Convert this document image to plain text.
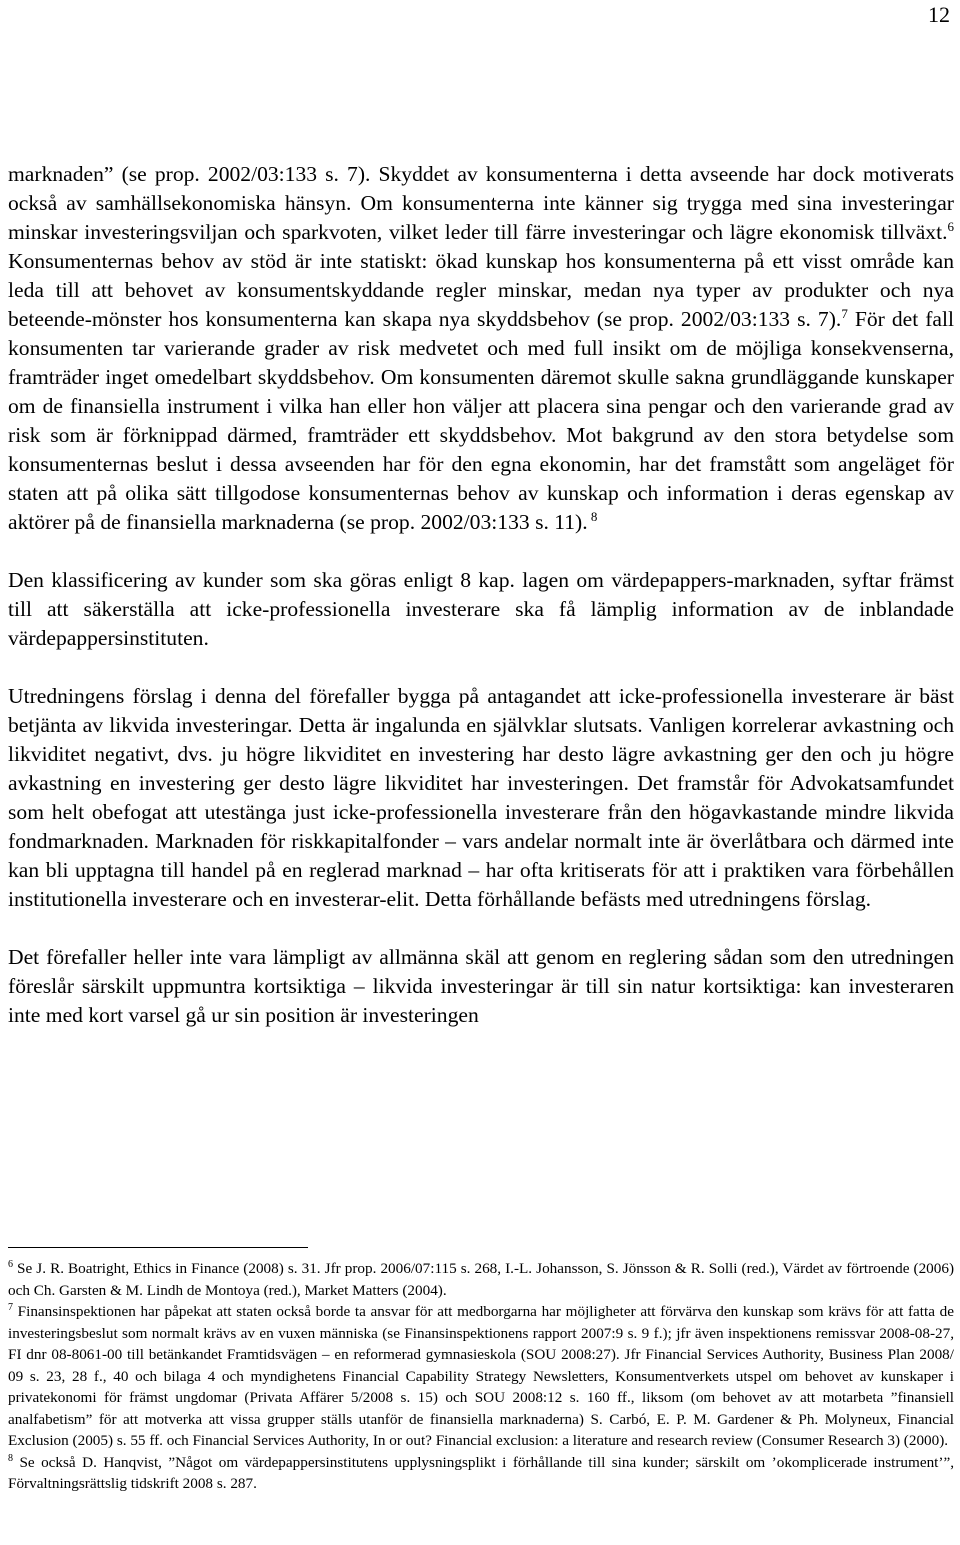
12

marknaden” (se prop. 2002/03:133 s. 7). Skyddet av konsumenterna i detta avseende har dock motiverats också av samhällsekonomiska hänsyn. Om konsumenterna inte känner sig trygga med sina investeringar minskar investeringsviljan och sparkvoten, vilket leder till färre investeringar och lägre ekonomisk tillväxt.$^6$ Konsumenternas behov av stöd är inte statiskt: ökad kunskap hos konsumenterna på ett visst område kan leda till att behovet av konsumentskyddande regler minskar, medan nya typer av produkter och nya beteende-mönster hos konsumenterna kan skapa nya skyddsbehov (se prop. 2002/03:133 s. 7).$^7$ För det fall konsumenten tar varierande grader av risk medvetet och med full insikt om de möjliga konsekvenserna, framträder inget omedelbart skyddsbehov. Om konsumenten däremot skulle sakna grundläggande kunskaper om de finansiella instrument i vilka han eller hon väljer att placera sina pengar och den varierande grad av risk som är förknippad därmed, framträder ett skyddsbehov. Mot bakgrund av den stora betydelse som konsumenternas beslut i dessa avseenden har för den egna ekonomin, har det framstått som angeläget för staten att på olika sätt tillgodose konsumenternas behov av kunskap och information i deras egenskap av aktörer på de finansiella marknaderna (se prop. 2002/03:133 s. 11). $^8$

Den klassificering av kunder som ska göras enligt 8 kap. lagen om värdepappers-marknaden, syftar främst till att säkerställa att icke-professionella investerare ska få lämplig information av de inblandade värdepappersinstituten.

Utredningens förslag i denna del förefaller bygga på antagandet att icke-professionella investerare är bäst betjänta av likvida investeringar. Detta är ingalunda en självklar slutsats. Vanligen korrelerar avkastning och likviditet negativt, dvs. ju högre likviditet en investering har desto lägre avkastning ger den och ju högre avkastning en investering ger desto lägre likviditet har investeringen. Det framstår för Advokatsamfundet som helt obefogat att utestänga just icke-professionella investerare från den högavkastande mindre likvida fondmarknaden. Marknaden för riskkapitalfonder – vars andelar normalt inte är överlåtbara och därmed inte kan bli upptagna till handel på en reglerad marknad – har ofta kritiserats för att i praktiken vara förbehållen institutionella investerare och en investerar-elit. Detta förhållande befästs med utredningens förslag.

Det förefaller heller inte vara lämpligt av allmänna skäl att genom en reglering sådan som den utredningen föreslår särskilt uppmuntra kortsiktiga – likvida investeringar är till sin natur kortsiktiga: kan investeraren inte med kort varsel gå ur sin position är investeringen

$^6$ Se J. R. Boatright, Ethics in Finance (2008) s. 31. Jfr prop. 2006/07:115 s. 268, I.-L. Johansson, S. Jönsson & R. Solli (red.), Värdet av förtroende (2006) och Ch. Garsten & M. Lindh de Montoya (red.), Market Matters (2004).

$^7$ Finansinspektionen har påpekat att staten också borde ta ansvar för att medborgarna har möjligheter att förvärva den kunskap som krävs för att fatta de investeringsbeslut som normalt krävs av en vuxen människa (se Finansinspektionens rapport 2007:9 s. 9 f.); jfr även inspektionens remissvar 2008-08-27, FI dnr 08-8061-00 till betänkandet Framtidsvägen – en reformerad gymnasieskola (SOU 2008:27). Jfr Financial Services Authority, Business Plan 2008/ 09 s. 23, 28 f., 40 och bilaga 4 och myndighetens Financial Capability Strategy Newsletters, Konsumentverkets utspel om behovet av kunskaper i privatekonomi för främst ungdomar (Privata Affärer 5/2008 s. 15) och SOU 2008:12 s. 160 ff., liksom (om behovet av att motarbeta ”finansiell analfabetism” för att motverka att vissa grupper ställs utanför de finansiella marknaderna) S. Carbó, E. P. M. Gardener & Ph. Molyneux, Financial Exclusion (2005) s. 55 ff. och Financial Services Authority, In or out? Financial exclusion: a literature and research review (Consumer Research 3) (2000).

$^8$ Se också D. Hanqvist, ”Något om värdepappersinstitutens upplysningsplikt i förhållande till sina kunder; särskilt om ’okomplicerade instrument’”, Förvaltningsrättslig tidskrift 2008 s. 287.
